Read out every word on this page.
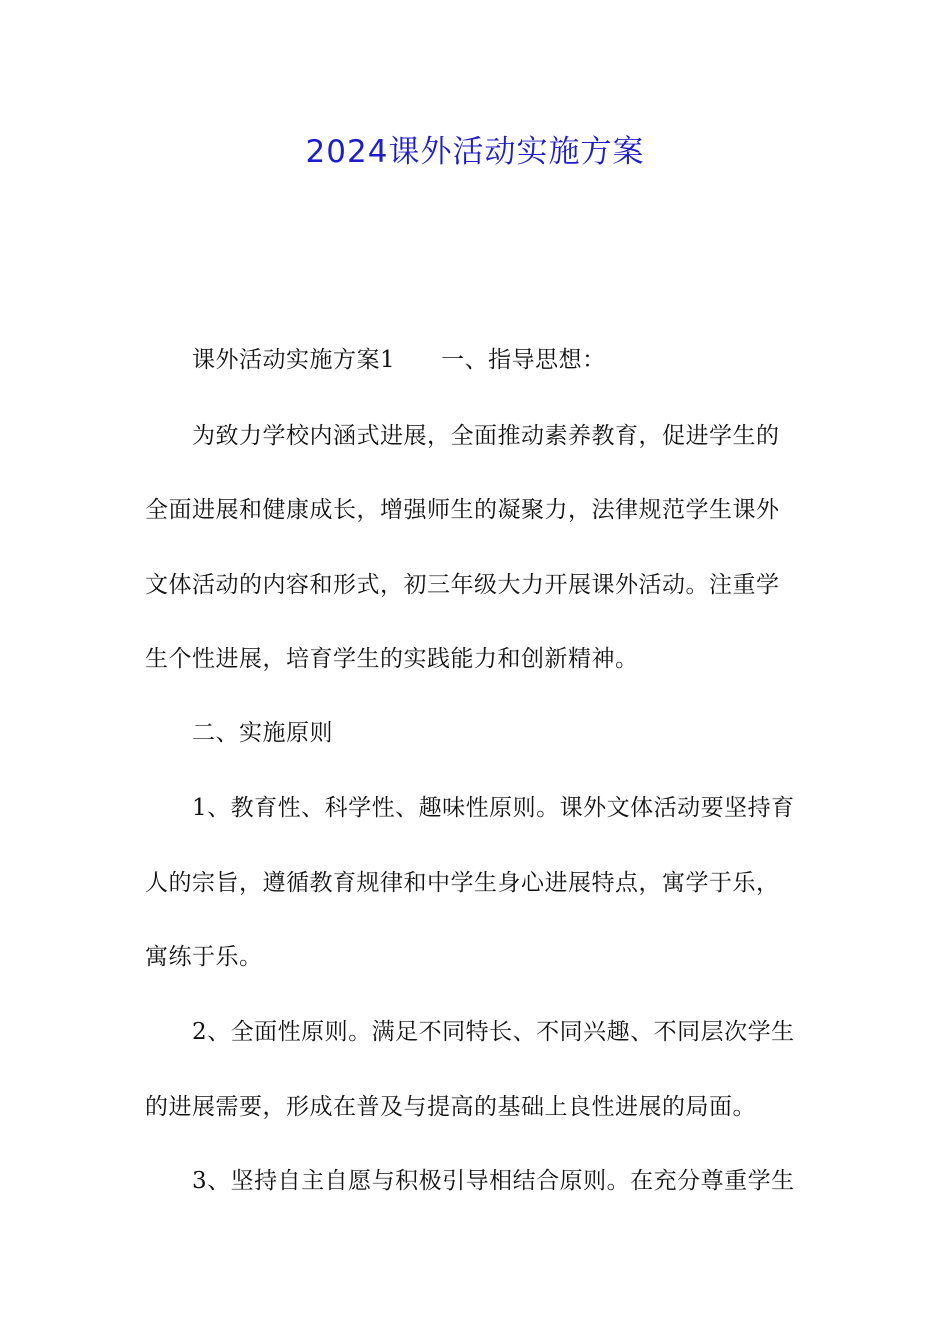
2024课外活动实施方案
课外活动实施方案1 一、指导思想：
为致力学校内涵式进展，全面推动素养教育，促进学生的
全面进展和健康成长，增强师生的凝聚力，法律规范学生课外
文体活动的内容和形式，初三年级大力开展课外活动。注重学
生个性进展，培育学生的实践能力和创新精神。
二、实施原则
1、教育性、科学性、趣味性原则。课外文体活动要坚持育
人的宗旨，遵循教育规律和中学生身心进展特点，寓学于乐，
寓练于乐。
2、全面性原则。满足不同特长、不同兴趣、不同层次学生
的进展需要，形成在普及与提高的基础上良性进展的局面。
3、坚持自主自愿与积极引导相结合原则。在充分尊重学生
